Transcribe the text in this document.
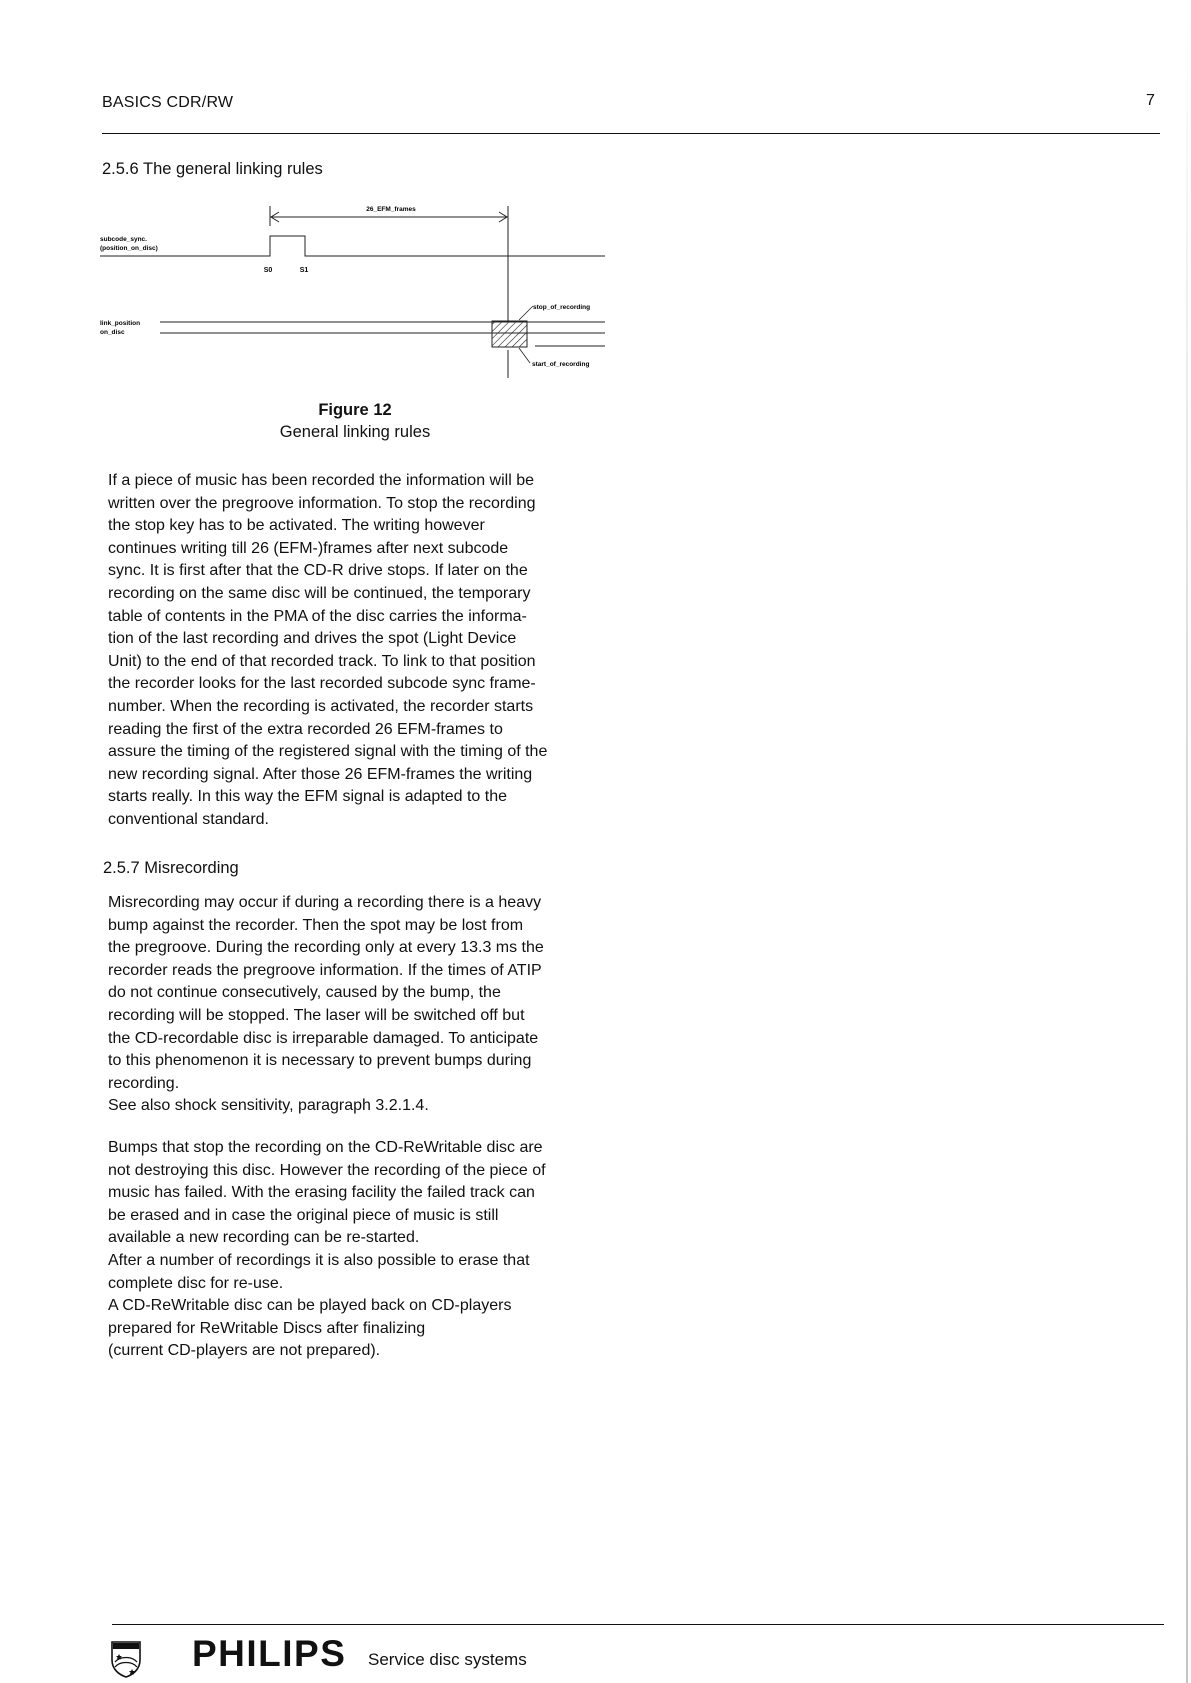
BASICS CDR/RW	7
2.5.6 The general linking rules
26_EFM_frames
subcode_sync.
(position_on_disc)
S0	S1
stop_of_recording
link_position
on_disc
start_of_recording
Figure 12
General linking rules
If a piece of music has been recorded the information will be
written over the pregroove information. To stop the recording
the stop key has to be activated. The writing however
continues writing till 26 (EFM-)frames after next subcode
sync. It is first after that the CD-R drive stops. If later on the
recording on the same disc will be continued, the temporary
table of contents in the PMA of the disc carries the informa-
tion of the last recording and drives the spot (Light Device
Unit) to the end of that recorded track. To link to that position
the recorder looks for the last recorded subcode sync frame-
number. When the recording is activated, the recorder starts
reading the first of the extra recorded 26 EFM-frames to
assure the timing of the registered signal with the timing of the
new recording signal. After those 26 EFM-frames the writing
starts really. In this way the EFM signal is adapted to the
conventional standard.
2.5.7 Misrecording
Misrecording may occur if during a recording there is a heavy
bump against the recorder. Then the spot may be lost from
the pregroove. During the recording only at every 13.3 ms the
recorder reads the pregroove information. If the times of ATIP
do not continue consecutively, caused by the bump, the
recording will be stopped. The laser will be switched off but
the CD-recordable disc is irreparable damaged. To anticipate
to this phenomenon it is necessary to prevent bumps during
recording.
See also shock sensitivity, paragraph 3.2.1.4.
Bumps that stop the recording on the CD-ReWritable disc are
not destroying this disc. However the recording of the piece of
music has failed. With the erasing facility the failed track can
be erased and in case the original piece of music is still
available a new recording can be re-started.
After a number of recordings it is also possible to erase that
complete disc for re-use.
A CD-ReWritable disc can be played back on CD-players
prepared for ReWritable Discs after finalizing
(current CD-players are not prepared).
PHILIPS Service disc systems
